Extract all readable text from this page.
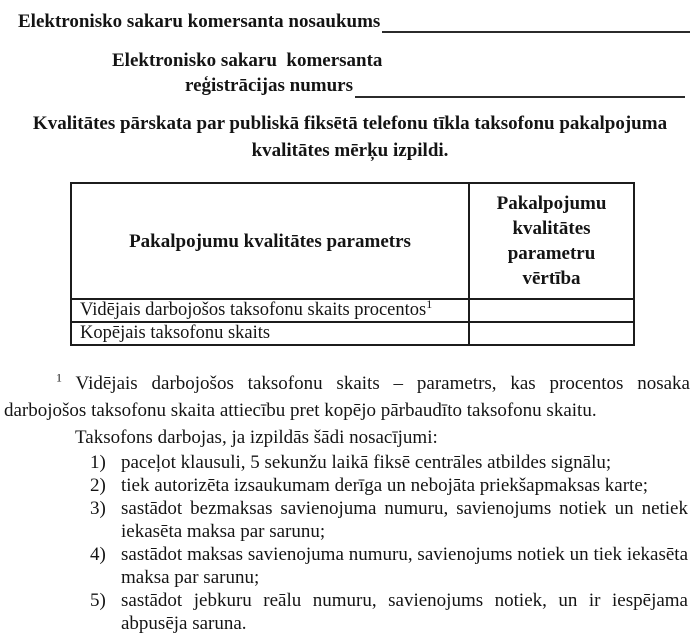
Elektronisko sakaru komersanta nosaukums
Elektronisko sakaru  komersanta
reģistrācijas numurs
Kvalitātes pārskata par publiskā fiksētā telefonu tīkla taksofonu pakalpojuma kvalitātes mērķu izpildi.
Pakalpojumu kvalitātes parametrs	Pakalpojumu kvalitātes parametru vērtība
Vidējais darbojošos taksofonu skaits procentos$^1$	
Kopējais taksofonu skaits	
$^1$ Vidējais darbojošos taksofonu skaits – parametrs, kas procentos nosaka darbojošos taksofonu skaita attiecību pret kopējo pārbaudīto taksofonu skaitu.
Taksofons darbojas, ja izpildās šādi nosacījumi:
1) paceļot klausuli, 5 sekunžu laikā fiksē centrāles atbildes signālu;
2) tiek autorizēta izsaukumam derīga un nebojāta priekšapmaksas karte;
3) sastādot bezmaksas savienojuma numuru, savienojums notiek un netiek iekasēta maksa par sarunu;
4) sastādot maksas savienojuma numuru, savienojums notiek un tiek iekasēta maksa par sarunu;
5) sastādot jebkuru reālu numuru, savienojums notiek, un ir iespējama abpusēja saruna.
